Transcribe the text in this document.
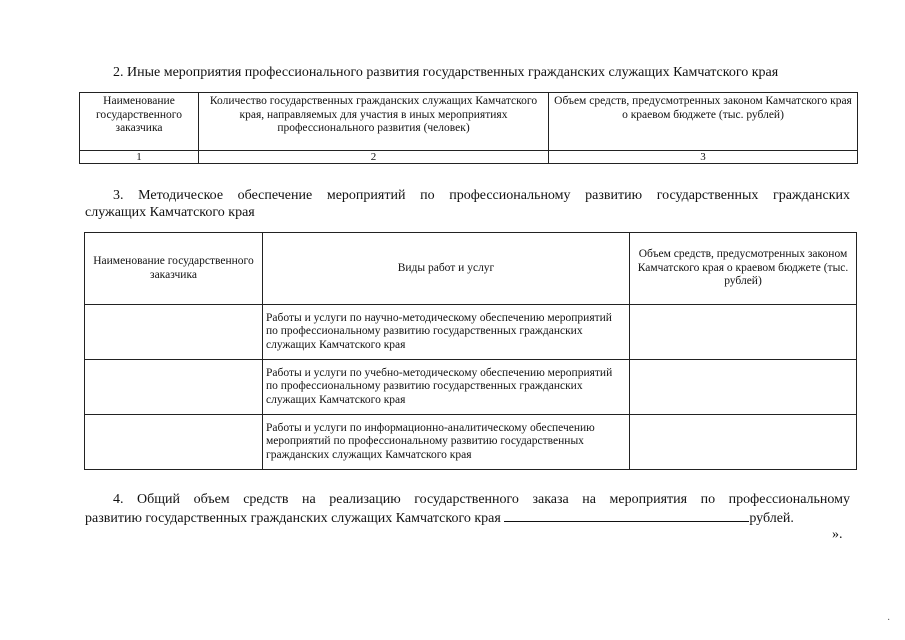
2. Иные мероприятия профессионального развития государственных гражданских служащих Камчатского края
Наименование государственного заказчика	Количество государственных гражданских служащих Камчатского края, направляемых для участия в иных мероприятиях профессионального развития (человек)	Объем средств, предусмотренных законом Камчатского края о краевом бюджете (тыс. рублей)
1	2	3
3. Методическое обеспечение мероприятий по профессиональному развитию государственных гражданских
служащих Камчатского края
Наименование государственного заказчика	Виды работ и услуг	Объем средств, предусмотренных законом Камчатского края о краевом бюджете (тыс. рублей)
	Работы и услуги по научно-методическому обеспечению мероприятий по профессиональному развитию государственных гражданских служащих Камчатского края	
	Работы и услуги по учебно-методическому обеспечению мероприятий по профессиональному развитию государственных гражданских служащих Камчатского края	
	Работы и услуги по информационно-аналитическому обеспечению мероприятий по профессиональному развитию государственных гражданских служащих Камчатского края	
4. Общий объем средств на реализацию государственного заказа на мероприятия по профессиональному
развитию государственных гражданских служащих Камчатского края	рублей.
».
·
